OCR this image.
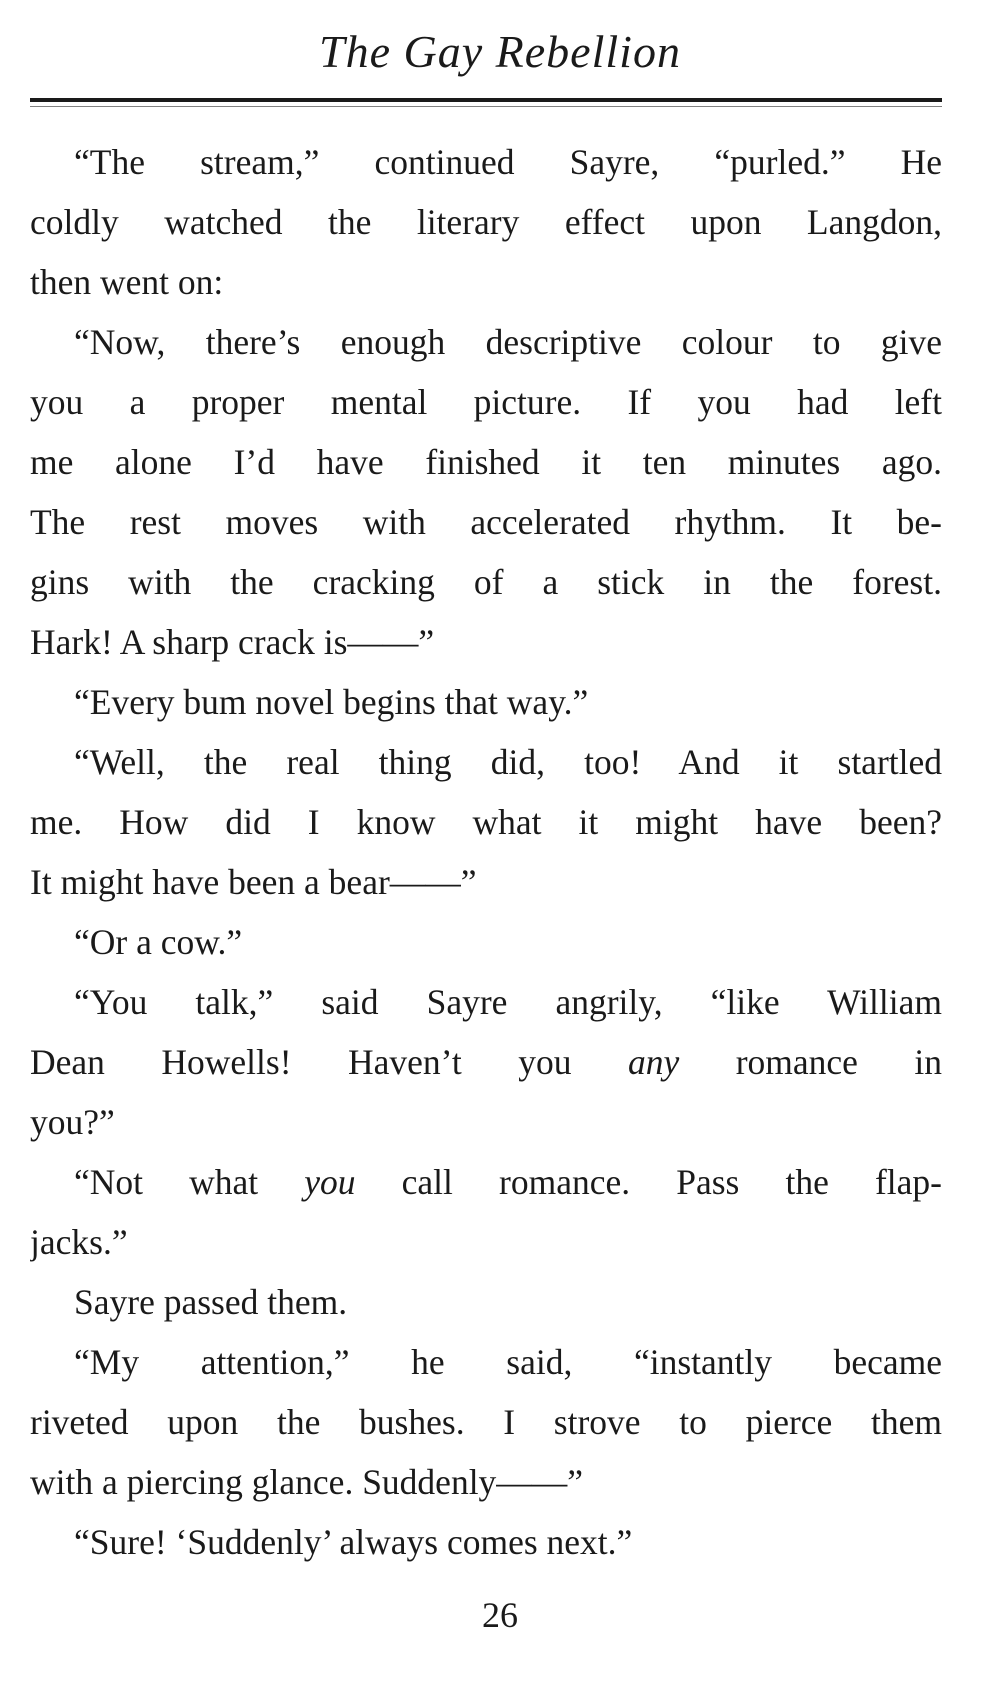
The Gay Rebellion
“The stream,” continued Sayre, “purled.” He
coldly watched the literary effect upon Langdon,
then went on:
“Now, there’s enough descriptive colour to give
you a proper mental picture. If you had left
me alone I’d have finished it ten minutes ago.
The rest moves with accelerated rhythm. It be-
gins with the cracking of a stick in the forest.
Hark! A sharp crack is——”
“Every bum novel begins that way.”
“Well, the real thing did, too! And it startled
me. How did I know what it might have been?
It might have been a bear——”
“Or a cow.”
“You talk,” said Sayre angrily, “like William
Dean Howells! Haven’t you any romance in
you?”
“Not what you call romance. Pass the flap-
jacks.”
Sayre passed them.
“My attention,” he said, “instantly became
riveted upon the bushes. I strove to pierce them
with a piercing glance. Suddenly——”
“Sure! ‘Suddenly’ always comes next.”
26
